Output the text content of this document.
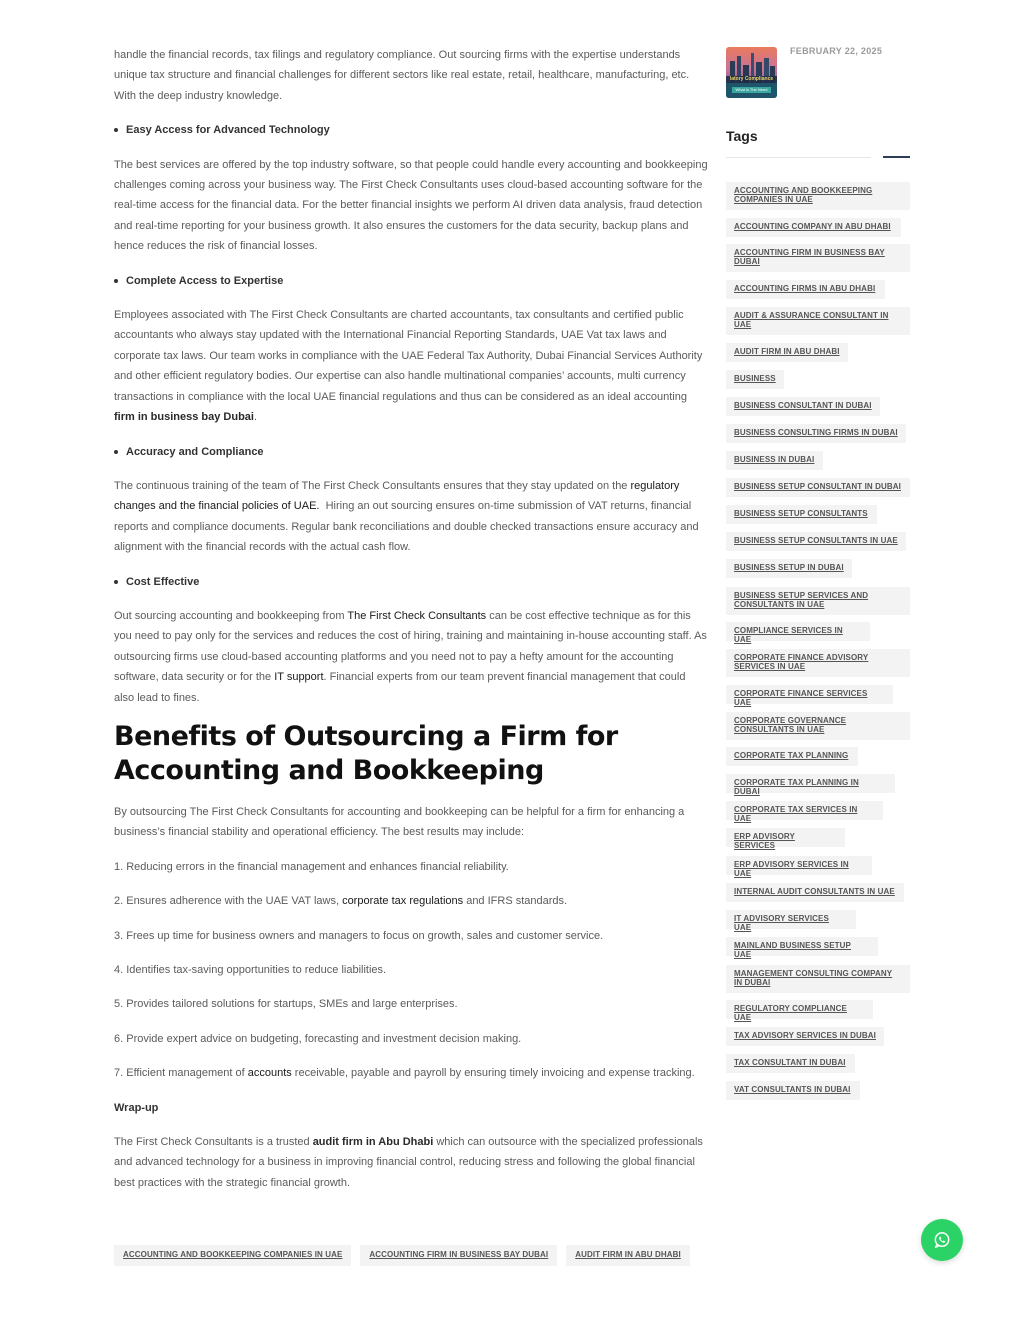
handle the financial records, tax filings and regulatory compliance. Out sourcing firms with the expertise understands unique tax structure and financial challenges for different sectors like real estate, retail, healthcare, manufacturing, etc. With the deep industry knowledge.

Easy Access for Advanced Technology

The best services are offered by the top industry software, so that people could handle every accounting and bookkeeping challenges coming across your business way. The First Check Consultants uses cloud-based accounting software for the real-time access for the financial data. For the better financial insights we perform AI driven data analysis, fraud detection and real-time reporting for your business growth. It also ensures the customers for the data security, backup plans and hence reduces the risk of financial losses.

Complete Access to Expertise

Employees associated with The First Check Consultants are charted accountants, tax consultants and certified public accountants who always stay updated with the International Financial Reporting Standards, UAE Vat tax laws and corporate tax laws. Our team works in compliance with the UAE Federal Tax Authority, Dubai Financial Services Authority and other efficient regulatory bodies. Our expertise can also handle multinational companies’ accounts, multi currency transactions in compliance with the local UAE financial regulations and thus can be considered as an ideal accounting firm in business bay Dubai.

Accuracy and Compliance

The continuous training of the team of The First Check Consultants ensures that they stay updated on the regulatory changes and the financial policies of UAE.  Hiring an out sourcing ensures on-time submission of VAT returns, financial reports and compliance documents. Regular bank reconciliations and double checked transactions ensure accuracy and alignment with the financial records with the actual cash flow.

Cost Effective

Out sourcing accounting and bookkeeping from The First Check Consultants can be cost effective technique as for this you need to pay only for the services and reduces the cost of hiring, training and maintaining in-house accounting staff. As outsourcing firms use cloud-based accounting platforms and you need not to pay a hefty amount for the accounting software, data security or for the IT support. Financial experts from our team prevent financial management that could also lead to fines.

Benefits of Outsourcing a Firm for Accounting and Bookkeeping

By outsourcing The First Check Consultants for accounting and bookkeeping can be helpful for a firm for enhancing a business’s financial stability and operational efficiency. The best results may include:

1. Reducing errors in the financial management and enhances financial reliability.

2. Ensures adherence with the UAE VAT laws, corporate tax regulations and IFRS standards.

3. Frees up time for business owners and managers to focus on growth, sales and customer service.

4. Identifies tax-saving opportunities to reduce liabilities.

5. Provides tailored solutions for startups, SMEs and large enterprises.

6. Provide expert advice on budgeting, forecasting and investment decision making.

7. Efficient management of accounts receivable, payable and payroll by ensuring timely invoicing and expense tracking.

Wrap-up

The First Check Consultants is a trusted audit firm in Abu Dhabi which can outsource with the specialized professionals and advanced technology for a business in improving financial control, reducing stress and following the global financial best practices with the strategic financial growth.

ACCOUNTING AND BOOKKEEPING COMPANIES IN UAE	ACCOUNTING FIRM IN BUSINESS BAY DUBAI	AUDIT FIRM IN ABU DHABI
latory Compliance
What is The Need
FEBRUARY 22, 2025
Tags
ACCOUNTING AND BOOKKEEPING COMPANIES IN UAE
ACCOUNTING COMPANY IN ABU DHABI
ACCOUNTING FIRM IN BUSINESS BAY DUBAI
ACCOUNTING FIRMS IN ABU DHABI
AUDIT & ASSURANCE CONSULTANT IN UAE
AUDIT FIRM IN ABU DHABI
BUSINESS
BUSINESS CONSULTANT IN DUBAI
BUSINESS CONSULTING FIRMS IN DUBAI
BUSINESS IN DUBAI
BUSINESS SETUP CONSULTANT IN DUBAI
BUSINESS SETUP CONSULTANTS
BUSINESS SETUP CONSULTANTS IN UAE
BUSINESS SETUP IN DUBAI
BUSINESS SETUP SERVICES AND CONSULTANTS IN UAE
COMPLIANCE SERVICES IN UAE
CORPORATE FINANCE ADVISORY SERVICES IN UAE
CORPORATE FINANCE SERVICES UAE
CORPORATE GOVERNANCE CONSULTANTS IN UAE
CORPORATE TAX PLANNING
CORPORATE TAX PLANNING IN DUBAI
CORPORATE TAX SERVICES IN UAE
ERP ADVISORY SERVICES
ERP ADVISORY SERVICES IN UAE
INTERNAL AUDIT CONSULTANTS IN UAE
IT ADVISORY SERVICES UAE
MAINLAND BUSINESS SETUP UAE
MANAGEMENT CONSULTING COMPANY IN DUBAI
REGULATORY COMPLIANCE UAE
TAX ADVISORY SERVICES IN DUBAI
TAX CONSULTANT IN DUBAI
VAT CONSULTANTS IN DUBAI
